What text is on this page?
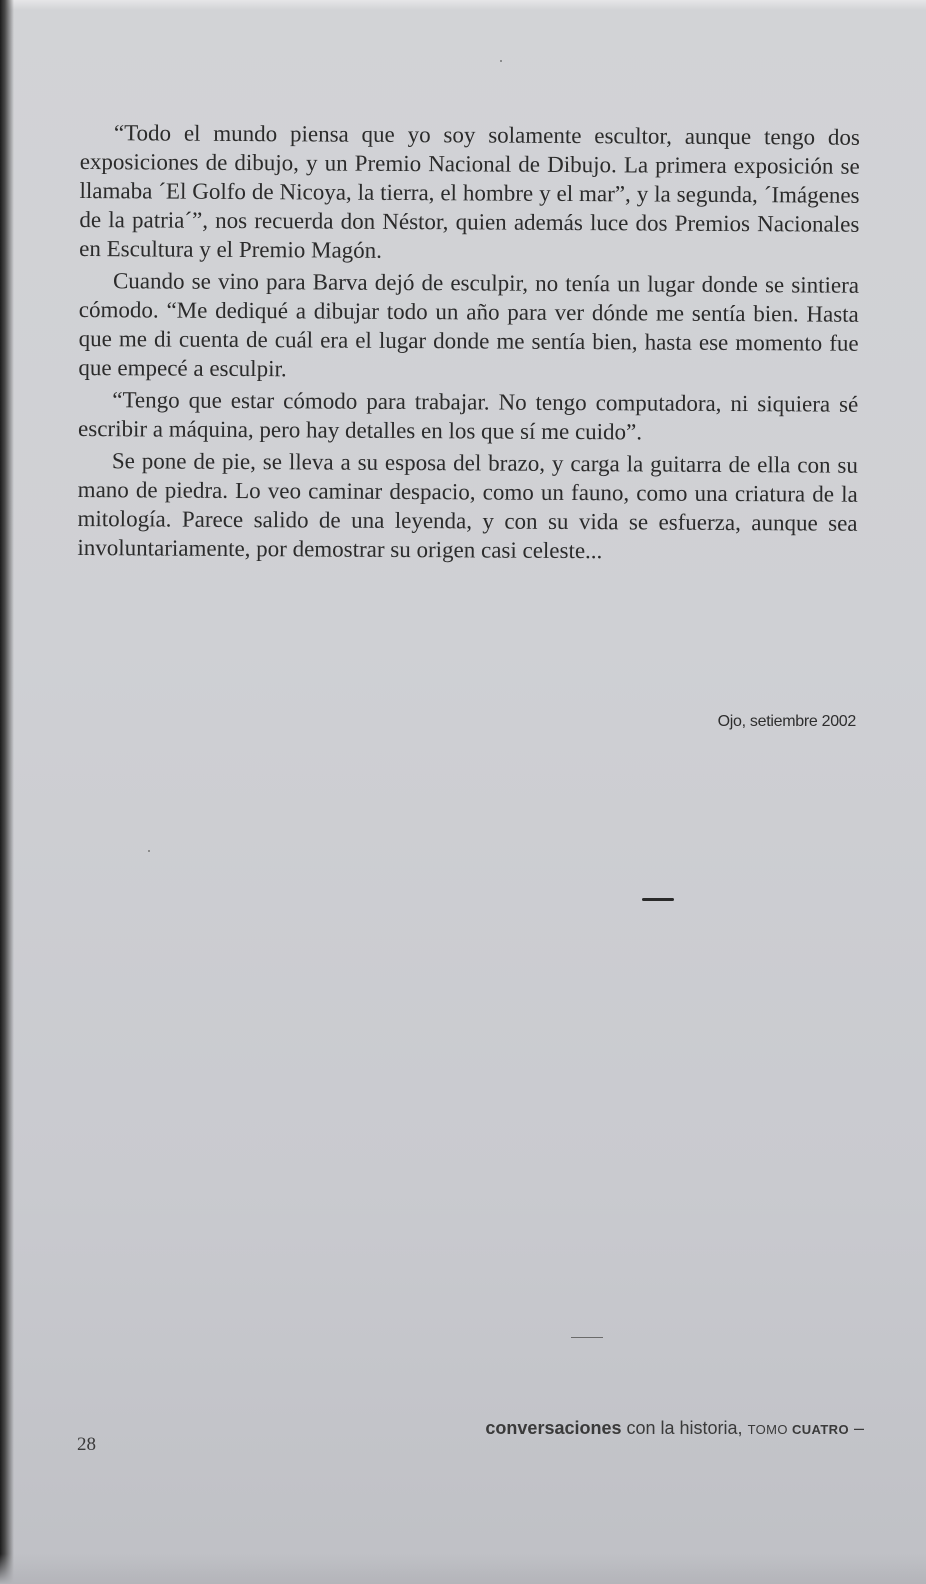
“Todo el mundo piensa que yo soy solamente escultor, aunque tengo dos exposiciones de dibujo, y un Premio Nacional de Dibujo. La primera exposición se llamaba ´El Golfo de Nicoya, la tierra, el hombre y el mar”, y la segunda, ´Imágenes de la patria´”, nos recuerda don Néstor, quien además luce dos Premios Nacionales en Escultura y el Premio Magón.

Cuando se vino para Barva dejó de esculpir, no tenía un lugar donde se sintiera cómodo. “Me dediqué a dibujar todo un año para ver dónde me sentía bien. Hasta que me di cuenta de cuál era el lugar donde me sentía bien, hasta ese momento fue que empecé a esculpir.

“Tengo que estar cómodo para trabajar. No tengo computadora, ni siquiera sé escribir a máquina, pero hay detalles en los que sí me cuido”.

Se pone de pie, se lleva a su esposa del brazo, y carga la guitarra de ella con su mano de piedra. Lo veo caminar despacio, como un fauno, como una criatura de la mitología. Parece salido de una leyenda, y con su vida se esfuerza, aunque sea involuntariamente, por demostrar su origen casi celeste...

Ojo, setiembre 2002
28
conversaciones con la historia, TOMO CUATRO –
